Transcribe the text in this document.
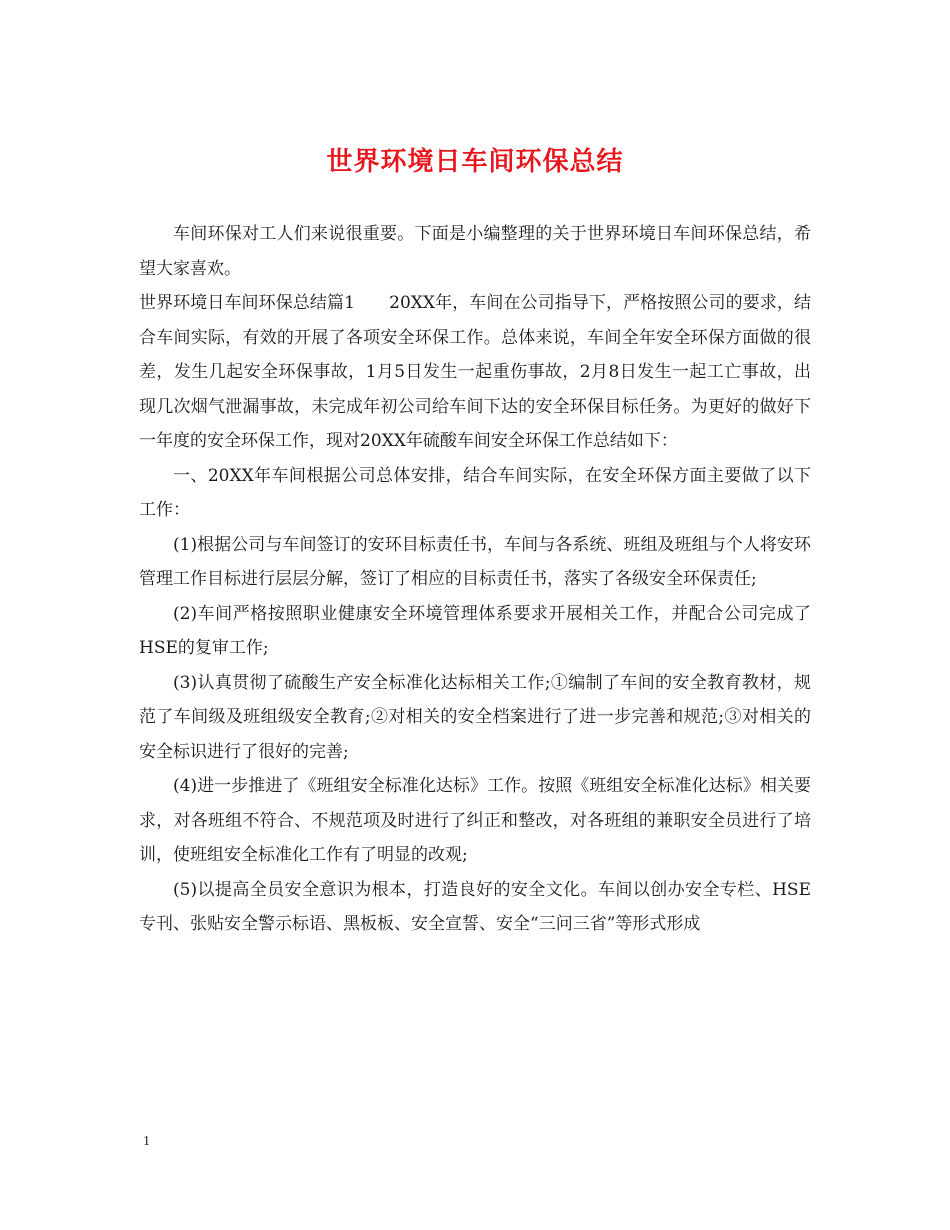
世界环境日车间环保总结

车间环保对工人们来说很重要。下面是小编整理的关于世界环境日车间环保总结，希望大家喜欢。

世界环境日车间环保总结篇1　　20XX年，车间在公司指导下，严格按照公司的要求，结合车间实际，有效的开展了各项安全环保工作。总体来说，车间全年安全环保方面做的很差，发生几起安全环保事故，1月5日发生一起重伤事故，2月8日发生一起工亡事故，出现几次烟气泄漏事故，未完成年初公司给车间下达的安全环保目标任务。为更好的做好下一年度的安全环保工作，现对20XX年硫酸车间安全环保工作总结如下：

一、20XX年车间根据公司总体安排，结合车间实际，在安全环保方面主要做了以下工作：

(1)根据公司与车间签订的安环目标责任书，车间与各系统、班组及班组与个人将安环管理工作目标进行层层分解，签订了相应的目标责任书，落实了各级安全环保责任;

(2)车间严格按照职业健康安全环境管理体系要求开展相关工作，并配合公司完成了HSE的复审工作;

(3)认真贯彻了硫酸生产安全标准化达标相关工作;①编制了车间的安全教育教材，规范了车间级及班组级安全教育;②对相关的安全档案进行了进一步完善和规范;③对相关的安全标识进行了很好的完善;

(4)进一步推进了《班组安全标准化达标》工作。按照《班组安全标准化达标》相关要求，对各班组不符合、不规范项及时进行了纠正和整改，对各班组的兼职安全员进行了培训，使班组安全标准化工作有了明显的改观;

(5)以提高全员安全意识为根本，打造良好的安全文化。车间以创办安全专栏、HSE专刊、张贴安全警示标语、黑板板、安全宣誓、安全“三问三省”等形式形成

1
